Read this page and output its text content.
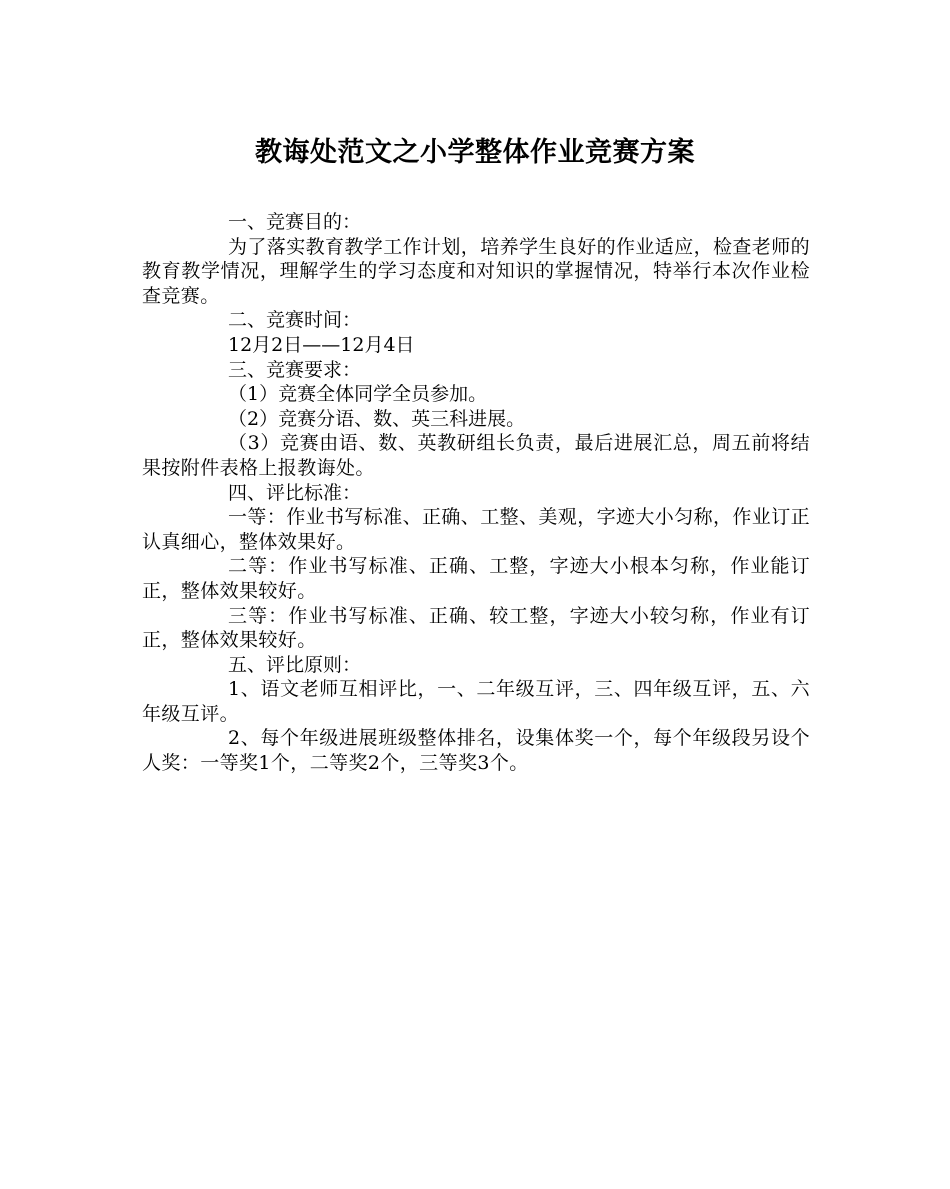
教诲处范文之小学整体作业竞赛方案

一、竞赛目的：

为了落实教育教学工作计划，培养学生良好的作业适应，检查老师的教育教学情况，理解学生的学习态度和对知识的掌握情况，特举行本次作业检查竞赛。

二、竞赛时间：

12月2日——12月4日

三、竞赛要求：

（1）竞赛全体同学全员参加。

（2）竞赛分语、数、英三科进展。

（3）竞赛由语、数、英教研组长负责，最后进展汇总，周五前将结果按附件表格上报教诲处。

四、评比标准：

一等：作业书写标准、正确、工整、美观，字迹大小匀称，作业订正认真细心，整体效果好。

二等：作业书写标准、正确、工整，字迹大小根本匀称，作业能订正，整体效果较好。

三等：作业书写标准、正确、较工整，字迹大小较匀称，作业有订正，整体效果较好。

五、评比原则：

1、语文老师互相评比，一、二年级互评，三、四年级互评，五、六年级互评。

2、每个年级进展班级整体排名，设集体奖一个，每个年级段另设个人奖：一等奖1个，二等奖2个，三等奖3个。
